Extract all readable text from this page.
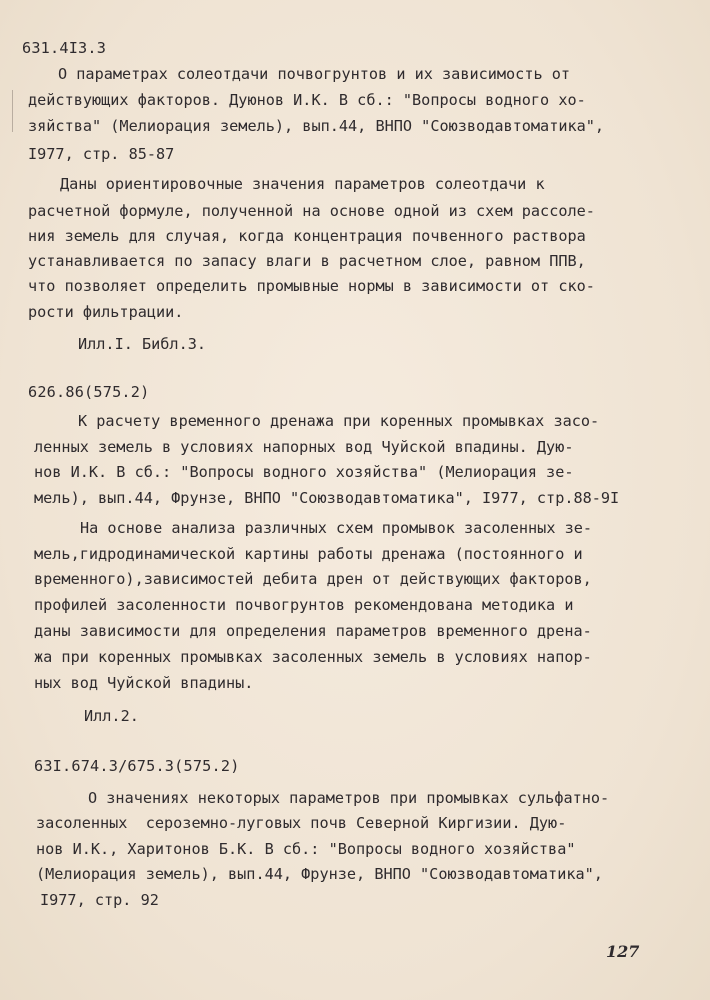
631.4I3.3
О параметрах солеотдачи почвогрунтов и их зависимость от
действующих факторов. Дуюнов И.К. В сб.: "Вопросы водного хо-
зяйства" (Мелиорация земель), вып.44, ВНПО "Союзводавтоматика",
I977, стр. 85-87
Даны ориентировочные значения параметров солеотдачи к
расчетной формуле, полученной на основе одной из схем рассоле-
ния земель для случая, когда концентрация почвенного раствора
устанавливается по запасу влаги в расчетном слое, равном ППВ,
что позволяет определить промывные нормы в зависимости от ско-
рости фильтрации.
Илл.I. Библ.3.
626.86(575.2)
К расчету временного дренажа при коренных промывках засо-
ленных земель в условиях напорных вод Чуйской впадины. Дую-
нов И.К. В сб.: "Вопросы водного хозяйства" (Мелиорация зе-
мель), вып.44, Фрунзе, ВНПО "Союзводавтоматика", I977, стр.88-9I
На основе анализа различных схем промывок засоленных зе-
мель,гидродинамической картины работы дренажа (постоянного и
временного),зависимостей дебита дрен от действующих факторов,
профилей засоленности почвогрунтов рекомендована методика и
даны зависимости для определения параметров временного дрена-
жа при коренных промывках засоленных земель в условиях напор-
ных вод Чуйской впадины.
Илл.2.
63I.674.3/675.3(575.2)
О значениях некоторых параметров при промывках сульфатно-
засоленных  сероземно-луговых почв Северной Киргизии. Дую-
нов И.К., Харитонов Б.К. В сб.: "Вопросы водного хозяйства"
(Мелиорация земель), вып.44, Фрунзе, ВНПО "Союзводавтоматика",
I977, стр. 92
127
